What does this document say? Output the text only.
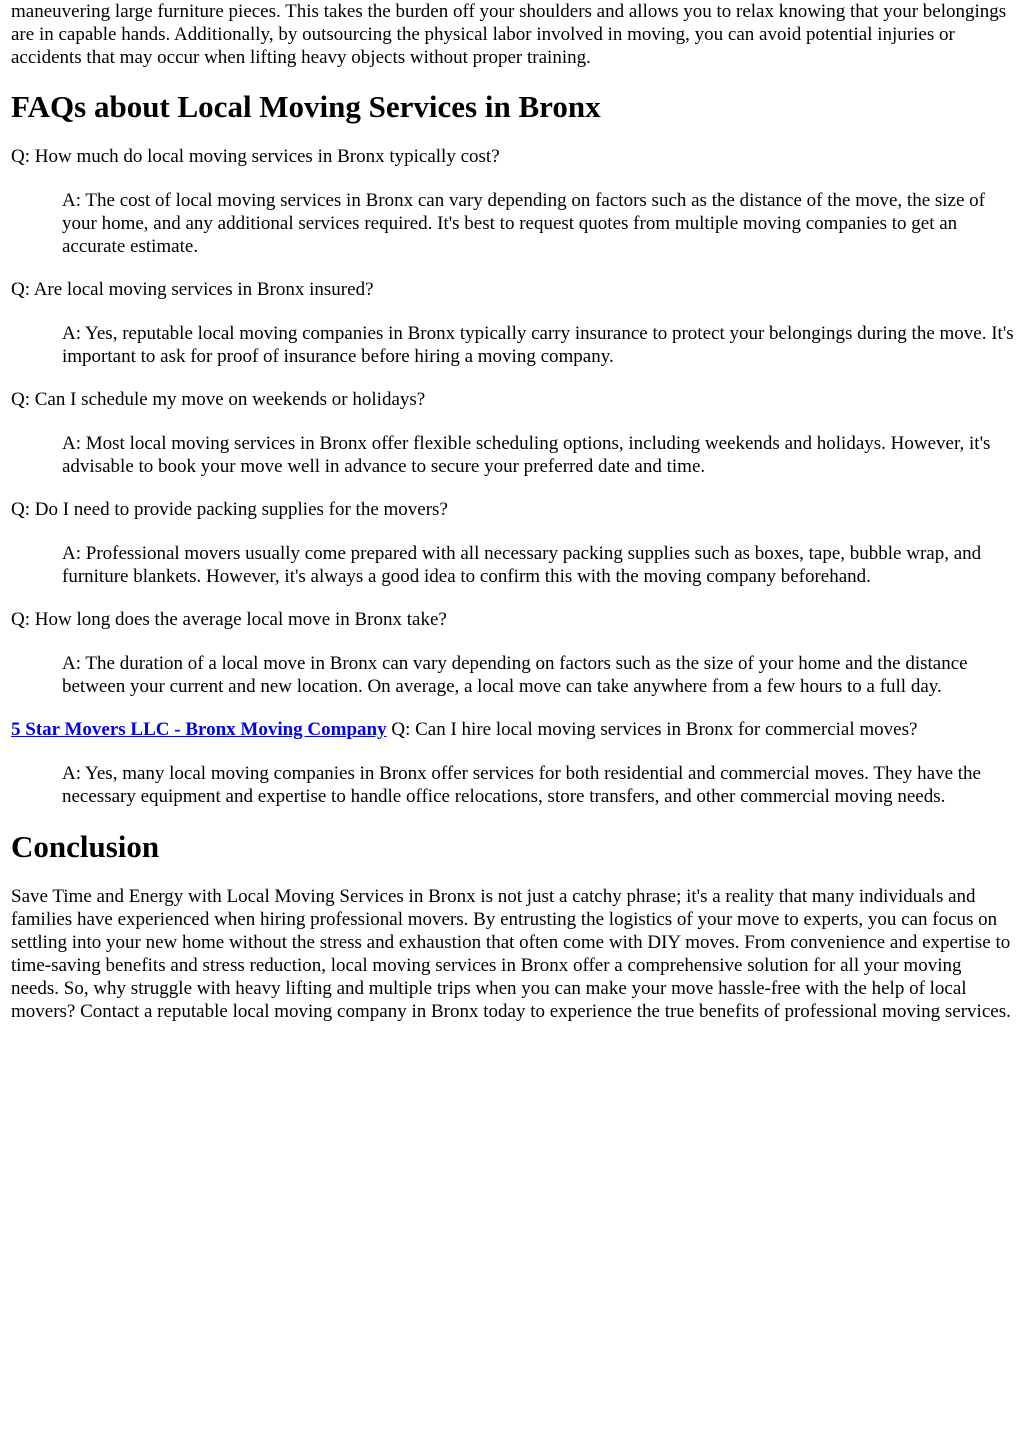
maneuvering large furniture pieces. This takes the burden off your shoulders and allows you to relax knowing that your belongings are in capable hands. Additionally, by outsourcing the physical labor involved in moving, you can avoid potential injuries or accidents that may occur when lifting heavy objects without proper training.

FAQs about Local Moving Services in Bronx

Q: How much do local moving services in Bronx typically cost?

A: The cost of local moving services in Bronx can vary depending on factors such as the distance of the move, the size of your home, and any additional services required. It's best to request quotes from multiple moving companies to get an accurate estimate.

Q: Are local moving services in Bronx insured?

A: Yes, reputable local moving companies in Bronx typically carry insurance to protect your belongings during the move. It's important to ask for proof of insurance before hiring a moving company.

Q: Can I schedule my move on weekends or holidays?

A: Most local moving services in Bronx offer flexible scheduling options, including weekends and holidays. However, it's advisable to book your move well in advance to secure your preferred date and time.

Q: Do I need to provide packing supplies for the movers?

A: Professional movers usually come prepared with all necessary packing supplies such as boxes, tape, bubble wrap, and furniture blankets. However, it's always a good idea to confirm this with the moving company beforehand.

Q: How long does the average local move in Bronx take?

A: The duration of a local move in Bronx can vary depending on factors such as the size of your home and the distance between your current and new location. On average, a local move can take anywhere from a few hours to a full day.

5 Star Movers LLC - Bronx Moving Company Q: Can I hire local moving services in Bronx for commercial moves?

A: Yes, many local moving companies in Bronx offer services for both residential and commercial moves. They have the necessary equipment and expertise to handle office relocations, store transfers, and other commercial moving needs.
Conclusion

Save Time and Energy with Local Moving Services in Bronx is not just a catchy phrase; it's a reality that many individuals and families have experienced when hiring professional movers. By entrusting the logistics of your move to experts, you can focus on settling into your new home without the stress and exhaustion that often come with DIY moves. From convenience and expertise to time-saving benefits and stress reduction, local moving services in Bronx offer a comprehensive solution for all your moving needs. So, why struggle with heavy lifting and multiple trips when you can make your move hassle-free with the help of local movers? Contact a reputable local moving company in Bronx today to experience the true benefits of professional moving services.
